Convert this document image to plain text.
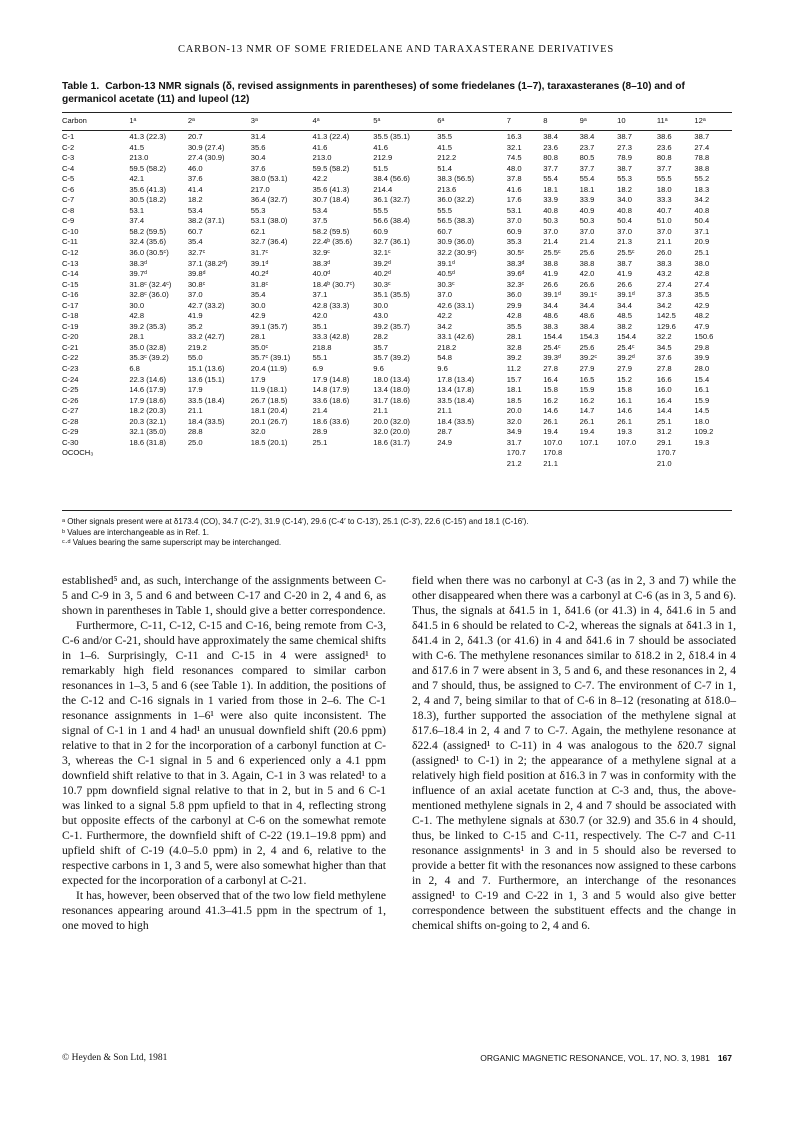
CARBON-13 NMR OF SOME FRIEDELANE AND TARAXASTERANE DERIVATIVES
Table 1. Carbon-13 NMR signals (δ, revised assignments in parentheses) of some friedelanes (1–7), taraxasteranes (8–10) and of germanicol acetate (11) and lupeol (12)
Carbon	1ᵃ	2ᵃ	3ᵃ	4ᵃ	5ᵃ	6ᵃ	7	8	9ᵃ	10	11ᵃ	12ᵃ
C-1	41.3 (22.3)	20.7	31.4	41.3 (22.4)	35.5 (35.1)	35.5	16.3	38.4	38.4	38.7	38.6	38.7
C-2	41.5	30.9 (27.4)	35.6	41.6	41.6	41.5	32.1	23.6	23.7	27.3	23.6	27.4
C-3	213.0	27.4 (30.9)	30.4	213.0	212.9	212.2	74.5	80.8	80.5	78.9	80.8	78.8
C-4	59.5 (58.2)	46.0	37.6	59.5 (58.2)	51.5	51.4	48.0	37.7	37.7	38.7	37.7	38.8
C-5	42.1	37.6	38.0 (53.1)	42.2	38.4 (56.6)	38.3 (56.5)	37.8	55.4	55.4	55.3	55.5	55.2
C-6	35.6 (41.3)	41.4	217.0	35.6 (41.3)	214.4	213.6	41.6	18.1	18.1	18.2	18.0	18.3
C-7	30.5 (18.2)	18.2	36.4 (32.7)	30.7 (18.4)	36.1 (32.7)	36.0 (32.2)	17.6	33.9	33.9	34.0	33.3	34.2
C-8	53.1	53.4	55.3	53.4	55.5	55.5	53.1	40.8	40.9	40.8	40.7	40.8
C-9	37.4	38.2 (37.1)	53.1 (38.0)	37.5	56.6 (38.4)	56.5 (38.3)	37.0	50.3	50.3	50.4	51.0	50.4
C-10	58.2 (59.5)	60.7	62.1	58.2 (59.5)	60.9	60.7	60.9	37.0	37.0	37.0	37.0	37.1
C-11	32.4 (35.6)	35.4	32.7 (36.4)	22.4ᵇ (35.6)	32.7 (36.1)	30.9 (36.0)	35.3	21.4	21.4	21.3	21.1	20.9
C-12	36.0 (30.5ᶜ)	32.7ᶜ	31.7ᶜ	32.9ᶜ	32.1ᶜ	32.2 (30.9ᶜ)	30.5ᶜ	25.5ᶜ	25.6	25.5ᶜ	26.0	25.1
C-13	38.3ᵈ	37.1 (38.2ᵈ)	39.1ᵈ	38.3ᵈ	39.2ᵈ	39.1ᵈ	38.3ᵈ	38.8	38.8	38.7	38.3	38.0
C-14	39.7ᵈ	39.8ᵈ	40.2ᵈ	40.0ᵈ	40.2ᵈ	40.5ᵈ	39.6ᵈ	41.9	42.0	41.9	43.2	42.8
C-15	31.8ᶜ (32.4ᶜ)	30.8ᶜ	31.8ᶜ	18.4ᵇ (30.7ᶜ)	30.3ᶜ	30.3ᶜ	32.3ᶜ	26.6	26.6	26.6	27.4	27.4
C-16	32.8ᶜ (36.0)	37.0	35.4	37.1	35.1 (35.5)	37.0	36.0	39.1ᵈ	39.1ᶜ	39.1ᵈ	37.3	35.5
C-17	30.0	42.7 (33.2)	30.0	42.8 (33.3)	30.0	42.6 (33.1)	29.9	34.4	34.4	34.4	34.2	42.9
C-18	42.8	41.9	42.9	42.0	43.0	42.2	42.8	48.6	48.6	48.5	142.5	48.2
C-19	39.2 (35.3)	35.2	39.1 (35.7)	35.1	39.2 (35.7)	34.2	35.5	38.3	38.4	38.2	129.6	47.9
C-20	28.1	33.2 (42.7)	28.1	33.3 (42.8)	28.2	33.1 (42.6)	28.1	154.4	154.3	154.4	32.2	150.6
C-21	35.0 (32.8)	219.2	35.0ᶜ	218.8	35.7	218.2	32.8	25.4ᶜ	25.6	25.4ᶜ	34.5	29.8
C-22	35.3ᶜ (39.2)	55.0	35.7ᶜ (39.1)	55.1	35.7 (39.2)	54.8	39.2	39.3ᵈ	39.2ᶜ	39.2ᵈ	37.6	39.9
C-23	6.8	15.1 (13.6)	20.4 (11.9)	6.9	9.6	9.6	11.2	27.8	27.9	27.9	27.8	28.0
C-24	22.3 (14.6)	13.6 (15.1)	17.9	17.9 (14.8)	18.0 (13.4)	17.8 (13.4)	15.7	16.4	16.5	15.2	16.6	15.4
C-25	14.6 (17.9)	17.9	11.9 (18.1)	14.8 (17.9)	13.4 (18.0)	13.4 (17.8)	18.1	15.8	15.9	15.8	16.0	16.1
C-26	17.9 (18.6)	33.5 (18.4)	26.7 (18.5)	33.6 (18.6)	31.7 (18.6)	33.5 (18.4)	18.5	16.2	16.2	16.1	16.4	15.9
C-27	18.2 (20.3)	21.1	18.1 (20.4)	21.4	21.1	21.1	20.0	14.6	14.7	14.6	14.4	14.5
C-28	20.3 (32.1)	18.4 (33.5)	20.1 (26.7)	18.6 (33.6)	20.0 (32.0)	18.4 (33.5)	32.0	26.1	26.1	26.1	25.1	18.0
C-29	32.1 (35.0)	28.8	32.0	28.9	32.0 (20.0)	28.7	34.9	19.4	19.4	19.3	31.2	109.2
C-30	18.6 (31.8)	25.0	18.5 (20.1)	25.1	18.6 (31.7)	24.9	31.7	107.0	107.1	107.0	29.1	19.3
OCOCH₃							170.7	170.8			170.7	
							21.2	21.1			21.0	

ᵃ Other signals present were at δ173.4 (CO), 34.7 (C-2′), 31.9 (C-14′), 29.6 (C-4′ to C-13′), 25.1 (C-3′), 22.6 (C-15′) and 18.1 (C-16′).

ᵇ Values are interchangeable as in Ref. 1.

ᶜ·ᵈ Values bearing the same superscript may be interchanged.

established⁵ and, as such, interchange of the assignments between C-5 and C-9 in 3, 5 and 6 and between C-17 and C-20 in 2, 4 and 6, as shown in parentheses in Table 1, should give a better correspondence.

Furthermore, C-11, C-12, C-15 and C-16, being remote from C-3, C-6 and/or C-21, should have approximately the same chemical shifts in 1–6. Surprisingly, C-11 and C-15 in 4 were assigned¹ to remarkably high field resonances compared to similar carbon resonances in 1–3, 5 and 6 (see Table 1). In addition, the positions of the C-12 and C-16 signals in 1 varied from those in 2–6. The C-1 resonance assignments in 1–6¹ were also quite inconsistent. The signal of C-1 in 1 and 4 had¹ an unusual downfield shift (20.6 ppm) relative to that in 2 for the incorporation of a carbonyl function at C-3, whereas the C-1 signal in 5 and 6 experienced only a 4.1 ppm downfield shift relative to that in 3. Again, C-1 in 3 was related¹ to a 10.7 ppm downfield signal relative to that in 2, but in 5 and 6 C-1 was linked to a signal 5.8 ppm upfield to that in 4, reflecting strong but opposite effects of the carbonyl at C-6 on the somewhat remote C-1. Furthermore, the downfield shift of C-22 (19.1–19.8 ppm) and upfield shift of C-19 (4.0–5.0 ppm) in 2, 4 and 6, relative to the respective carbons in 1, 3 and 5, were also somewhat higher than that expected for the incorporation of a carbonyl at C-21.

It has, however, been observed that of the two low field methylene resonances appearing around 41.3–41.5 ppm in the spectrum of 1, one moved to high

field when there was no carbonyl at C-3 (as in 2, 3 and 7) while the other disappeared when there was a carbonyl at C-6 (as in 3, 5 and 6). Thus, the signals at δ41.5 in 1, δ41.6 (or 41.3) in 4, δ41.6 in 5 and δ41.5 in 6 should be related to C-2, whereas the signals at δ41.3 in 1, δ41.4 in 2, δ41.3 (or 41.6) in 4 and δ41.6 in 7 should be associated with C-6. The methylene resonances similar to δ18.2 in 2, δ18.4 in 4 and δ17.6 in 7 were absent in 3, 5 and 6, and these resonances in 2, 4 and 7 should, thus, be assigned to C-7. The environment of C-7 in 1, 2, 4 and 7, being similar to that of C-6 in 8–12 (resonating at δ18.0–18.3), further supported the association of the methylene signal at δ17.6–18.4 in 2, 4 and 7 to C-7. Again, the methylene resonance at δ22.4 (assigned¹ to C-11) in 4 was analogous to the δ20.7 signal (assigned¹ to C-1) in 2; the appearance of a methylene signal at a relatively high field position at δ16.3 in 7 was in conformity with the influence of an axial acetate function at C-3 and, thus, the above-mentioned methylene signals in 2, 4 and 7 should be associated with C-1. The methylene signals at δ30.7 (or 32.9) and 35.6 in 4 should, thus, be linked to C-15 and C-11, respectively. The C-7 and C-11 resonance assignments¹ in 3 and in 5 should also be reversed to provide a better fit with the resonances now assigned to these carbons in 2, 4 and 7. Furthermore, an interchange of the resonances assigned¹ to C-19 and C-22 in 1, 3 and 5 would also give better correspondence between the substituent effects and the change in chemical shifts on-going to 2, 4 and 6.

© Heyden & Son Ltd, 1981	ORGANIC MAGNETIC RESONANCE, VOL. 17, NO. 3, 1981 167
